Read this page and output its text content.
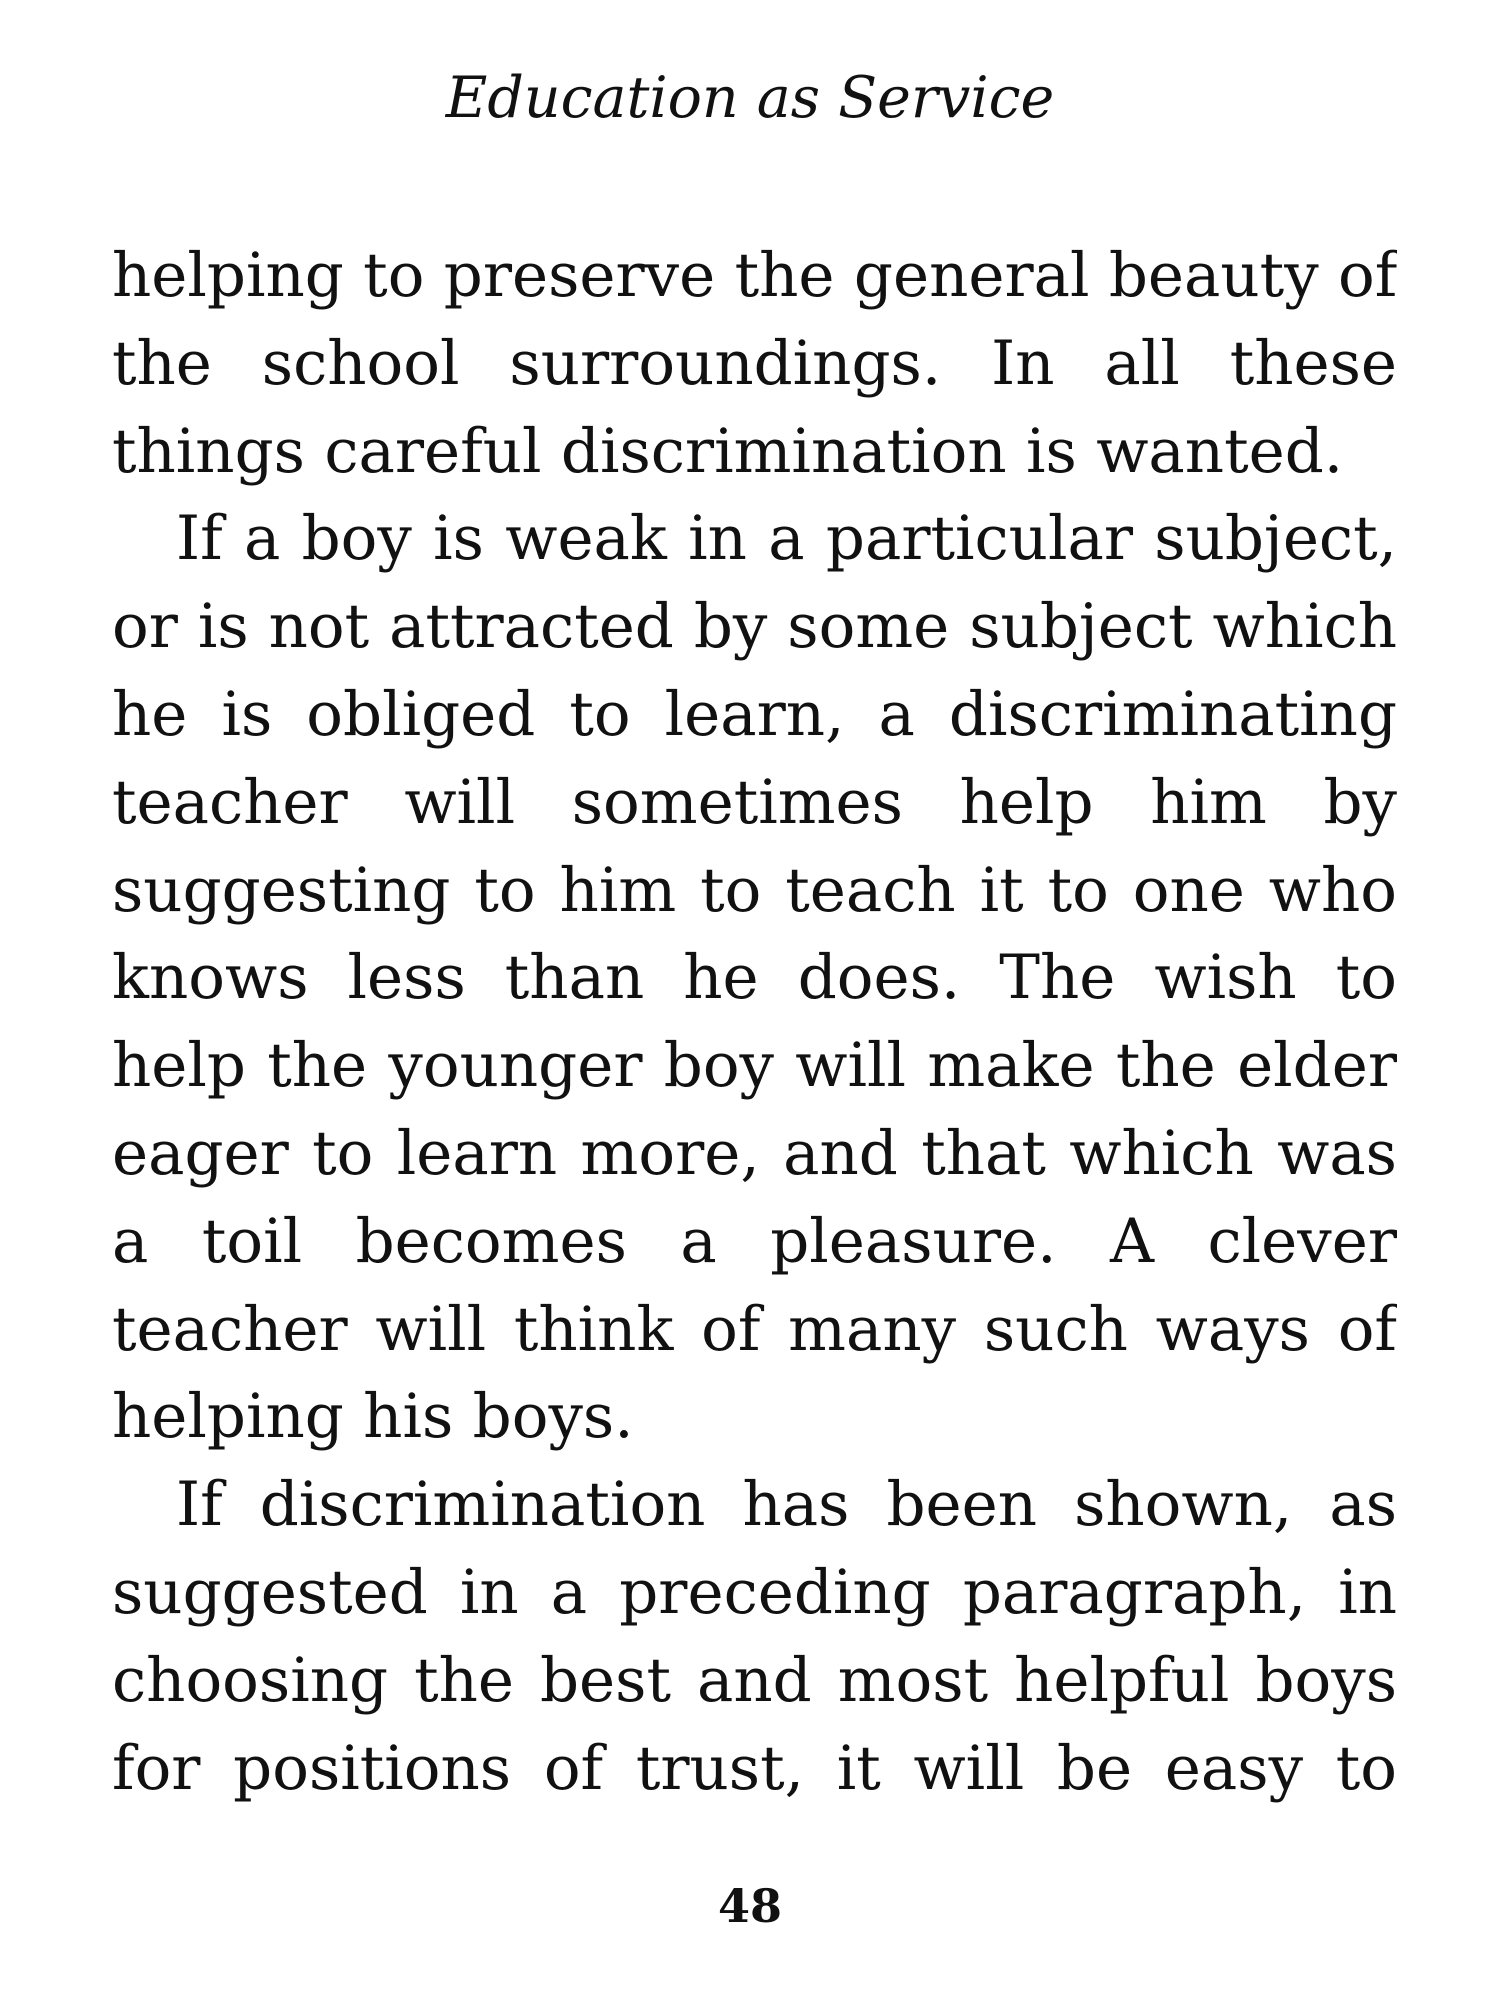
Education as Service
helping to preserve the general beauty of
the school surroundings. In all these
things careful discrimination is wanted.
If a boy is weak in a particular subject,
or is not attracted by some subject which
he is obliged to learn, a discriminating
teacher will sometimes help him by
suggesting to him to teach it to one who
knows less than he does. The wish to
help the younger boy will make the elder
eager to learn more, and that which was
a toil becomes a pleasure. A clever
teacher will think of many such ways of
helping his boys.
If discrimination has been shown, as
suggested in a preceding paragraph, in
choosing the best and most helpful boys
for positions of trust, it will be easy to
48
